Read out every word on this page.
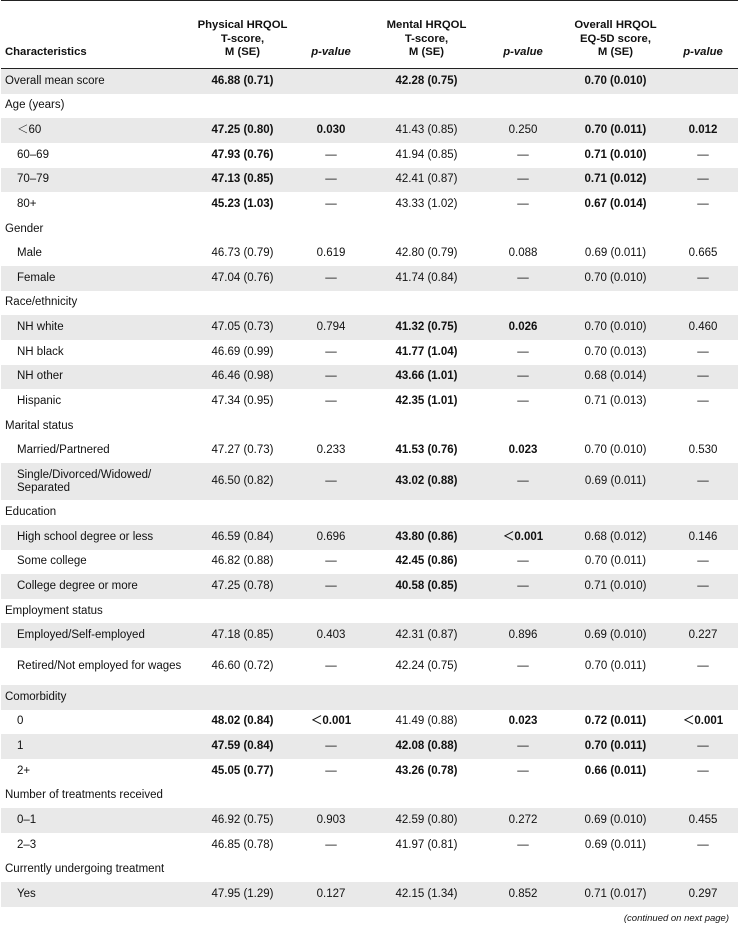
Characteristics	Physical HRQOL
T-score,
M (SE)	p-value	Mental HRQOL
T-score,
M (SE)	p-value	Overall HRQOL
EQ-5D score,
M (SE)	p-value
Overall mean score	46.88 (0.71)		42.28 (0.75)		0.70 (0.010)	
Age (years)						
＜60	47.25 (0.80)	0.030	41.43 (0.85)	0.250	0.70 (0.011)	0.012
60–69	47.93 (0.76)	—	41.94 (0.85)	—	0.71 (0.010)	—
70–79	47.13 (0.85)	—	42.41 (0.87)	—	0.71 (0.012)	—
80+	45.23 (1.03)	—	43.33 (1.02)	—	0.67 (0.014)	—
Gender						
Male	46.73 (0.79)	0.619	42.80 (0.79)	0.088	0.69 (0.011)	0.665
Female	47.04 (0.76)	—	41.74 (0.84)	—	0.70 (0.010)	—
Race/ethnicity						
NH white	47.05 (0.73)	0.794	41.32 (0.75)	0.026	0.70 (0.010)	0.460
NH black	46.69 (0.99)	—	41.77 (1.04)	—	0.70 (0.013)	—
NH other	46.46 (0.98)	—	43.66 (1.01)	—	0.68 (0.014)	—
Hispanic	47.34 (0.95)	—	42.35 (1.01)	—	0.71 (0.013)	—
Marital status						
Married/Partnered	47.27 (0.73)	0.233	41.53 (0.76)	0.023	0.70 (0.010)	0.530
Single/Divorced/Widowed/ Separated	46.50 (0.82)	—	43.02 (0.88)	—	0.69 (0.011)	—
Education						
High school degree or less	46.59 (0.84)	0.696	43.80 (0.86)	＜0.001	0.68 (0.012)	0.146
Some college	46.82 (0.88)	—	42.45 (0.86)	—	0.70 (0.011)	—
College degree or more	47.25 (0.78)	—	40.58 (0.85)	—	0.71 (0.010)	—
Employment status						
Employed/Self-employed	47.18 (0.85)	0.403	42.31 (0.87)	0.896	0.69 (0.010)	0.227
Retired/Not employed for wages	46.60 (0.72)	—	42.24 (0.75)	—	0.70 (0.011)	—
Comorbidity						
0	48.02 (0.84)	＜0.001	41.49 (0.88)	0.023	0.72 (0.011)	＜0.001
1	47.59 (0.84)	—	42.08 (0.88)	—	0.70 (0.011)	—
2+	45.05 (0.77)	—	43.26 (0.78)	—	0.66 (0.011)	—
Number of treatments received						
0–1	46.92 (0.75)	0.903	42.59 (0.80)	0.272	0.69 (0.010)	0.455
2–3	46.85 (0.78)	—	41.97 (0.81)	—	0.69 (0.011)	—
Currently undergoing treatment						
Yes	47.95 (1.29)	0.127	42.15 (1.34)	0.852	0.71 (0.017)	0.297
(continued on next page)
